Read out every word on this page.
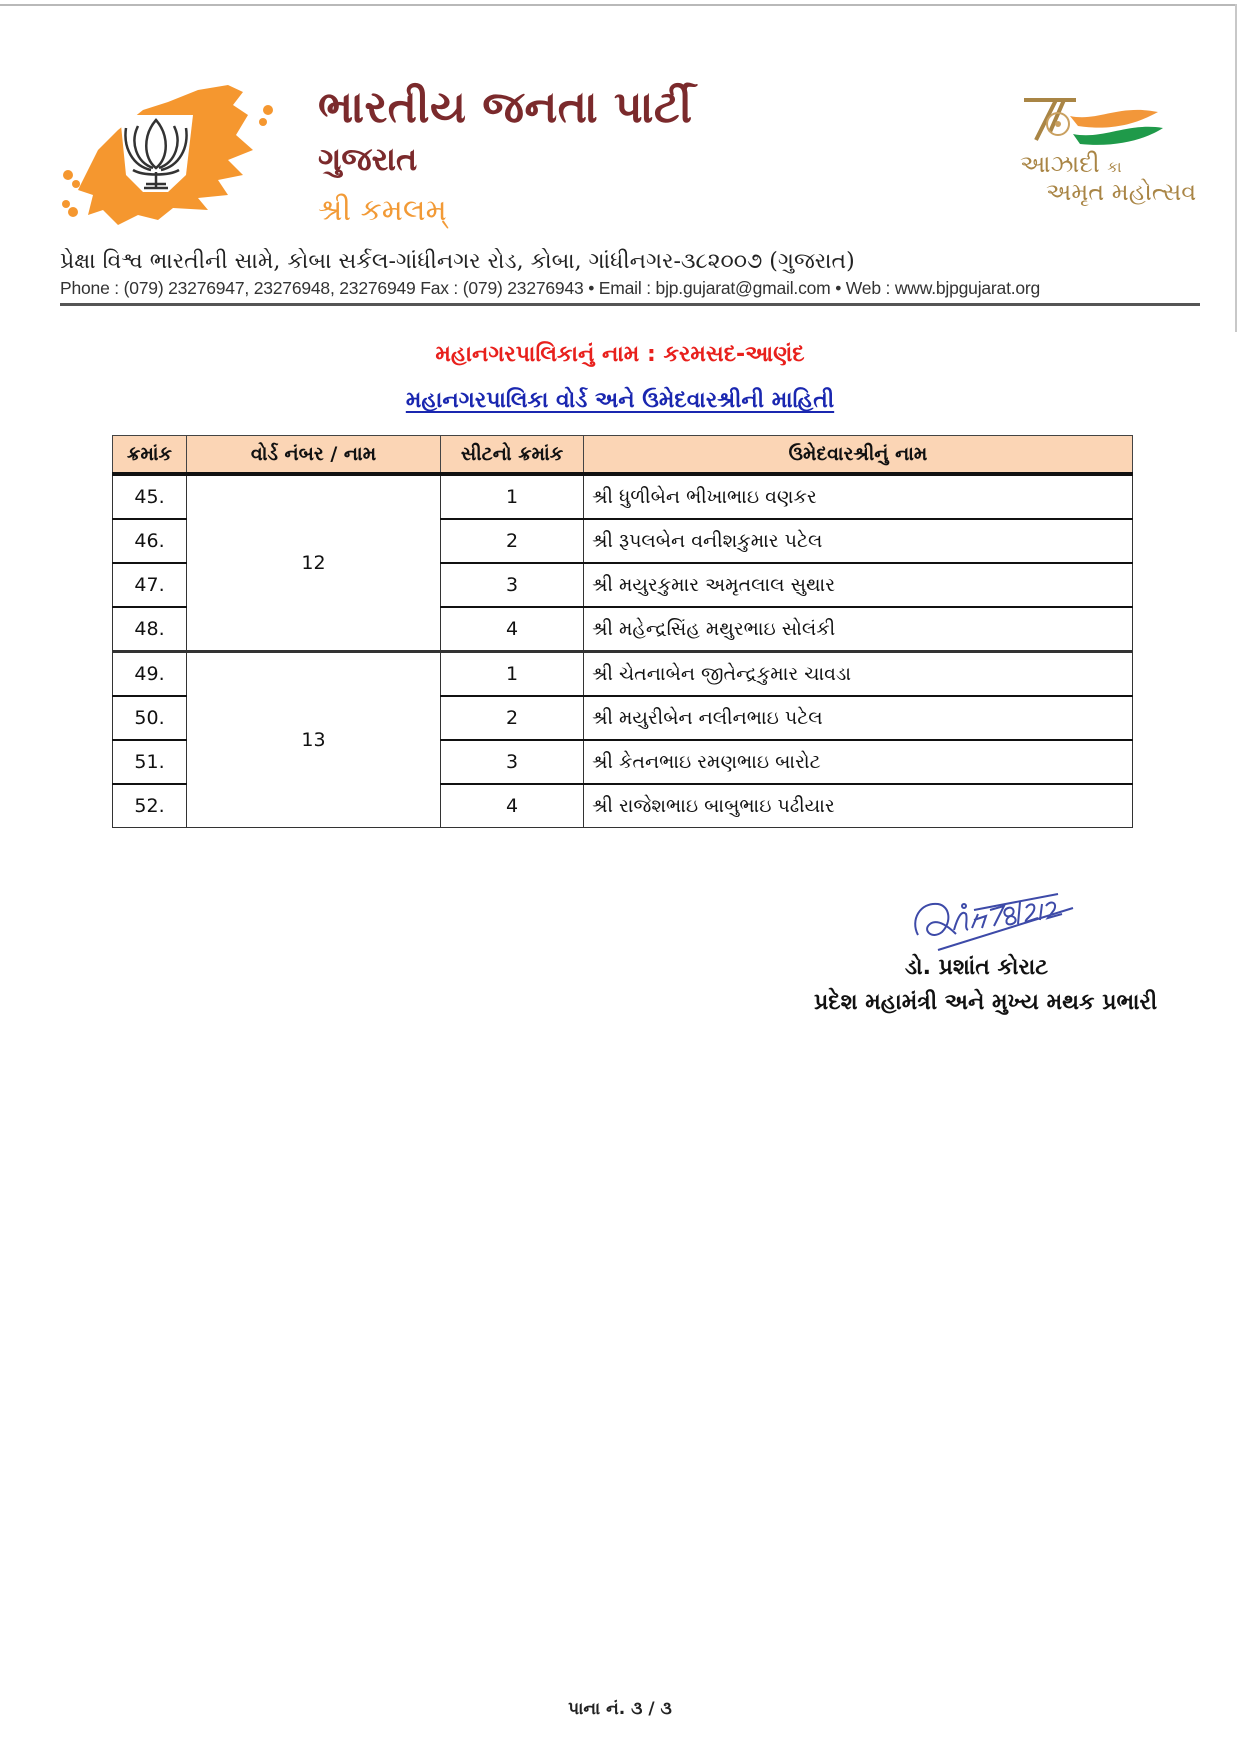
ભારતીય જનતા પાર્ટી
ગુજરાત
શ્રી કમલમ્
આઝાદી કા
અમૃત મહોત્સવ
પ્રેક્ષા વિશ્વ ભારતીની સામે, કોબા સર્કલ-ગાંધીનગર રોડ, કોબા, ગાંધીનગર-૩૮૨૦૦૭ (ગુજરાત)
Phone : (079) 23276947, 23276948, 23276949 Fax : (079) 23276943 • Email : bjp.gujarat@gmail.com • Web : www.bjpgujarat.org
મહાનગરપાલિકાનું નામ : કરમસદ-આણંદ
મહાનગરપાલિકા વોર્ડ અને ઉમેદવારશ્રીની માહિતી
ક્રમાંક	વોર્ડ નંબર / નામ	સીટનો ક્રમાંક	ઉમેદવારશ્રીનું નામ
45.	12	1	શ્રી ધુળીબેન ભીખાભાઇ વણકર
46.		2	શ્રી રૂપલબેન વનીશકુમાર પટેલ
47.		3	શ્રી મયુરકુમાર અમૃતલાલ સુથાર
48.		4	શ્રી મહેન્દ્રસિંહ મથુરભાઇ સોલંકી
49.	13	1	શ્રી ચેતનાબેન જીતેન્દ્રકુમાર ચાવડા
50.		2	શ્રી મયુરીબેન નલીનભાઇ પટેલ
51.		3	શ્રી કેતનભાઇ રમણભાઇ બારોટ
52.		4	શ્રી રાજેશભાઇ બાબુભાઇ પઢીયાર
ડો. પ્રશાંત કોરાટ
પ્રદેશ મહામંત્રી અને મુખ્ય મથક પ્રભારી
પાના નં. ૩ / ૩
